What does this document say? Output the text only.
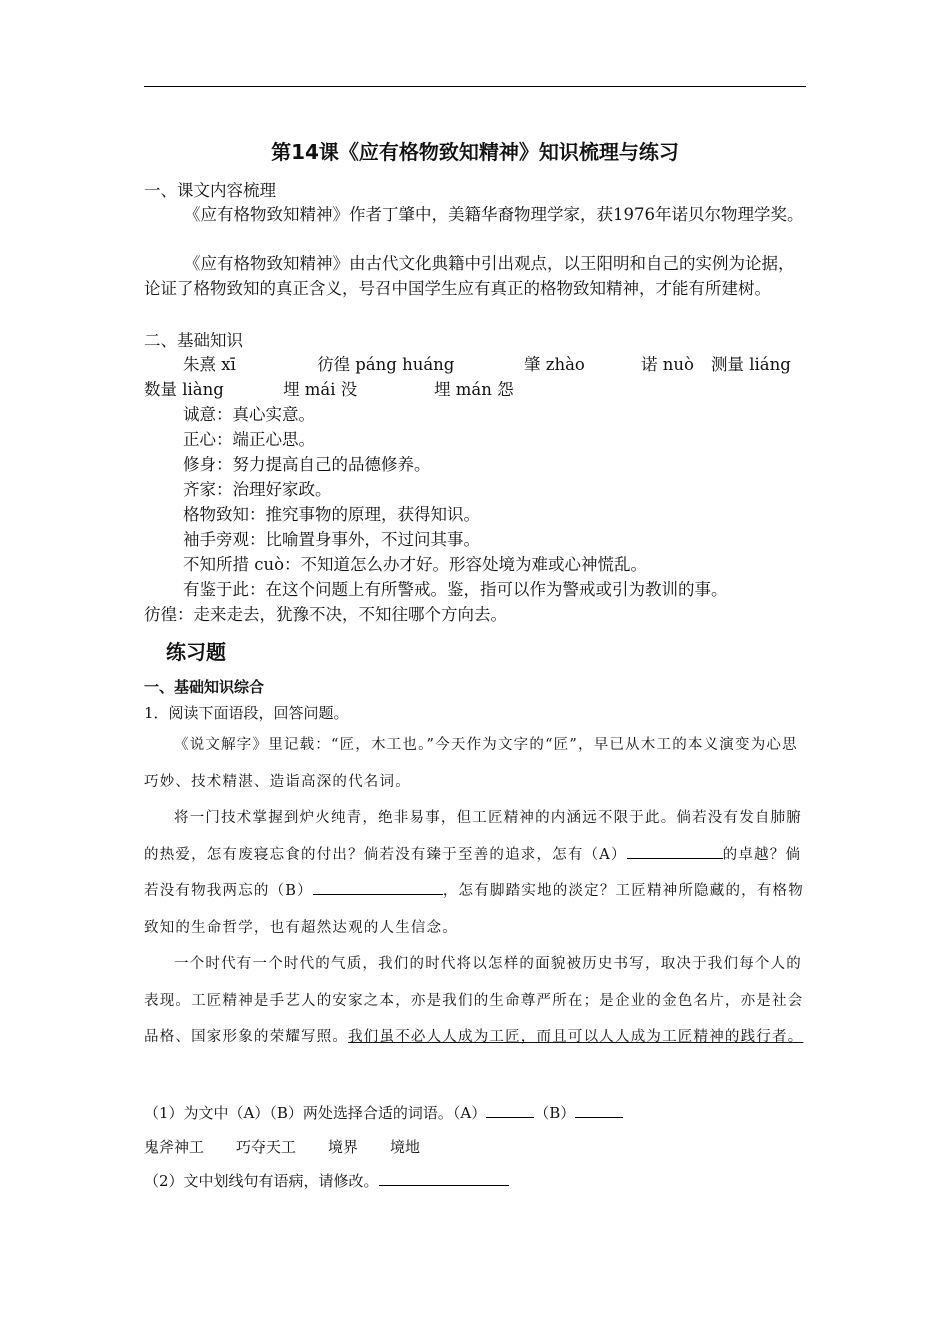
第14课《应有格物致知精神》知识梳理与练习
一、课文内容梳理
《应有格物致知精神》作者丁肇中，美籍华裔物理学家，获1976年诺贝尔物理学奖。
《应有格物致知精神》由古代文化典籍中引出观点，以王阳明和自己的实例为论据，论证了格物致知的真正含义，号召中国学生应有真正的格物致知精神，才能有所建树。
二、基础知识
朱熹 xī	彷徨 páng huáng	肇 zhào	诺 nuò 测量 liáng
数量 liàng	埋 mái 没	埋 mán 怨
诚意：真心实意。
正心：端正心思。
修身：努力提高自己的品德修养。
齐家：治理好家政。
格物致知：推究事物的原理，获得知识。
袖手旁观：比喻置身事外，不过问其事。
不知所措 cuò：不知道怎么办才好。形容处境为难或心神慌乱。
有鉴于此：在这个问题上有所警戒。鉴，指可以作为警戒或引为教训的事。
彷徨：走来走去，犹豫不决，不知往哪个方向去。
练习题
一、基础知识综合
1．阅读下面语段，回答问题。
《说文解字》里记载：“匠，木工也。”今天作为文字的“匠”，早已从木工的本义演变为心思巧妙、技术精湛、造诣高深的代名词。
将一门技术掌握到炉火纯青，绝非易事，但工匠精神的内涵远不限于此。倘若没有发自肺腑的热爱，怎有废寝忘食的付出？倘若没有臻于至善的追求，怎有（A）	的卓越？倘若没有物我两忘的（B）	，怎有脚踏实地的淡定？工匠精神所隐藏的，有格物致知的生命哲学，也有超然达观的人生信念。
一个时代有一个时代的气质，我们的时代将以怎样的面貌被历史书写，取决于我们每个人的表现。工匠精神是手艺人的安家之本，亦是我们的生命尊严所在；是企业的金色名片，亦是社会品格、国家形象的荣耀写照。我们虽不必人人成为工匠，而且可以人人成为工匠精神的践行者。
（1）为文中（A）（B）两处选择合适的词语。（A）	（B）
鬼斧神工 巧夺天工 境界 境地
（2）文中划线句有语病，请修改。
